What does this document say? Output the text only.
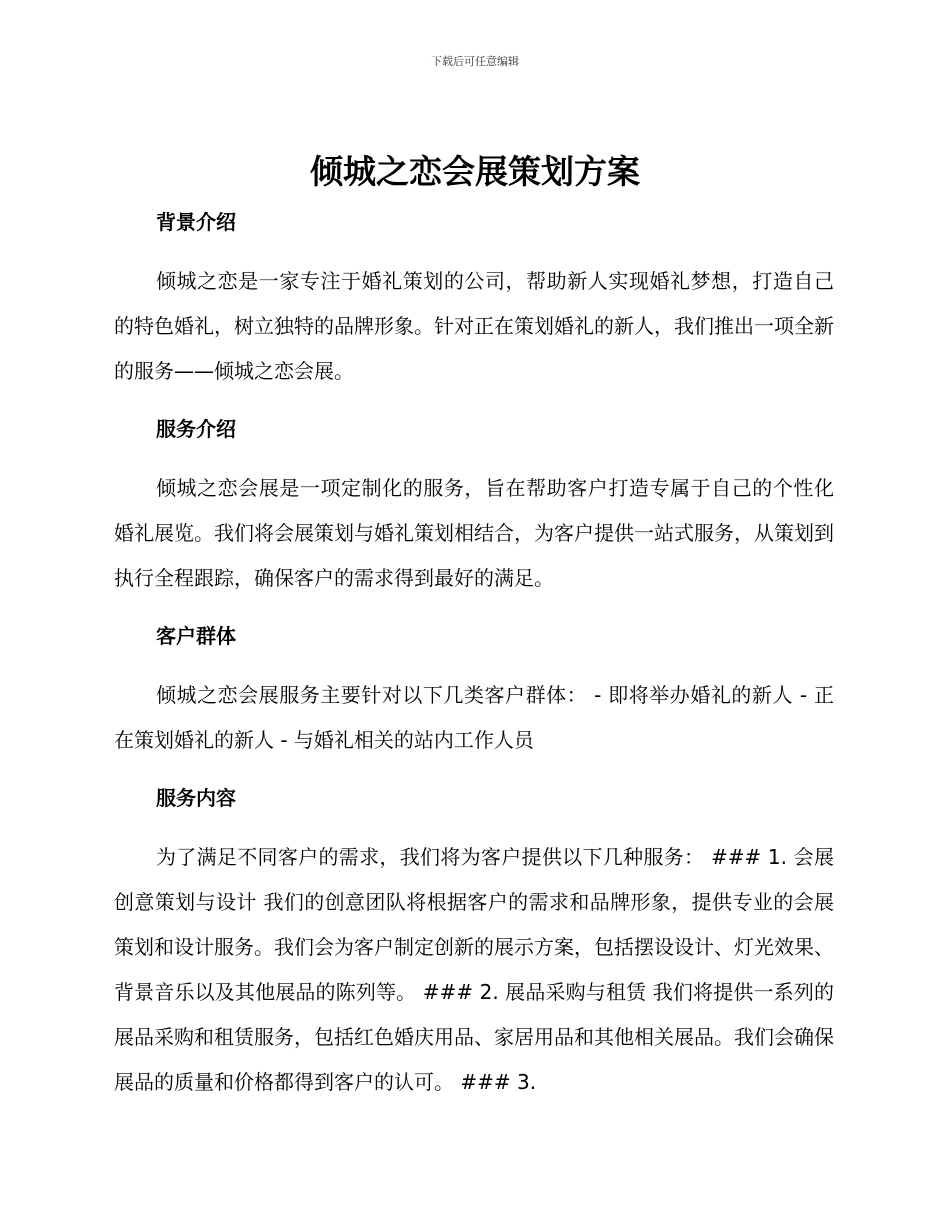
下载后可任意编辑
倾城之恋会展策划方案
背景介绍

倾城之恋是一家专注于婚礼策划的公司，帮助新人实现婚礼梦想，打造自己的特色婚礼，树立独特的品牌形象。针对正在策划婚礼的新人，我们推出一项全新的服务——倾城之恋会展。

服务介绍

倾城之恋会展是一项定制化的服务，旨在帮助客户打造专属于自己的个性化婚礼展览。我们将会展策划与婚礼策划相结合，为客户提供一站式服务，从策划到执行全程跟踪，确保客户的需求得到最好的满足。

客户群体

倾城之恋会展服务主要针对以下几类客户群体： - 即将举办婚礼的新人 - 正在策划婚礼的新人 - 与婚礼相关的站内工作人员

服务内容

为了满足不同客户的需求，我们将为客户提供以下几种服务： ### 1. 会展创意策划与设计 我们的创意团队将根据客户的需求和品牌形象，提供专业的会展策划和设计服务。我们会为客户制定创新的展示方案，包括摆设设计、灯光效果、背景音乐以及其他展品的陈列等。 ### 2. 展品采购与租赁 我们将提供一系列的展品采购和租赁服务，包括红色婚庆用品、家居用品和其他相关展品。我们会确保展品的质量和价格都得到客户的认可。 ### 3.
